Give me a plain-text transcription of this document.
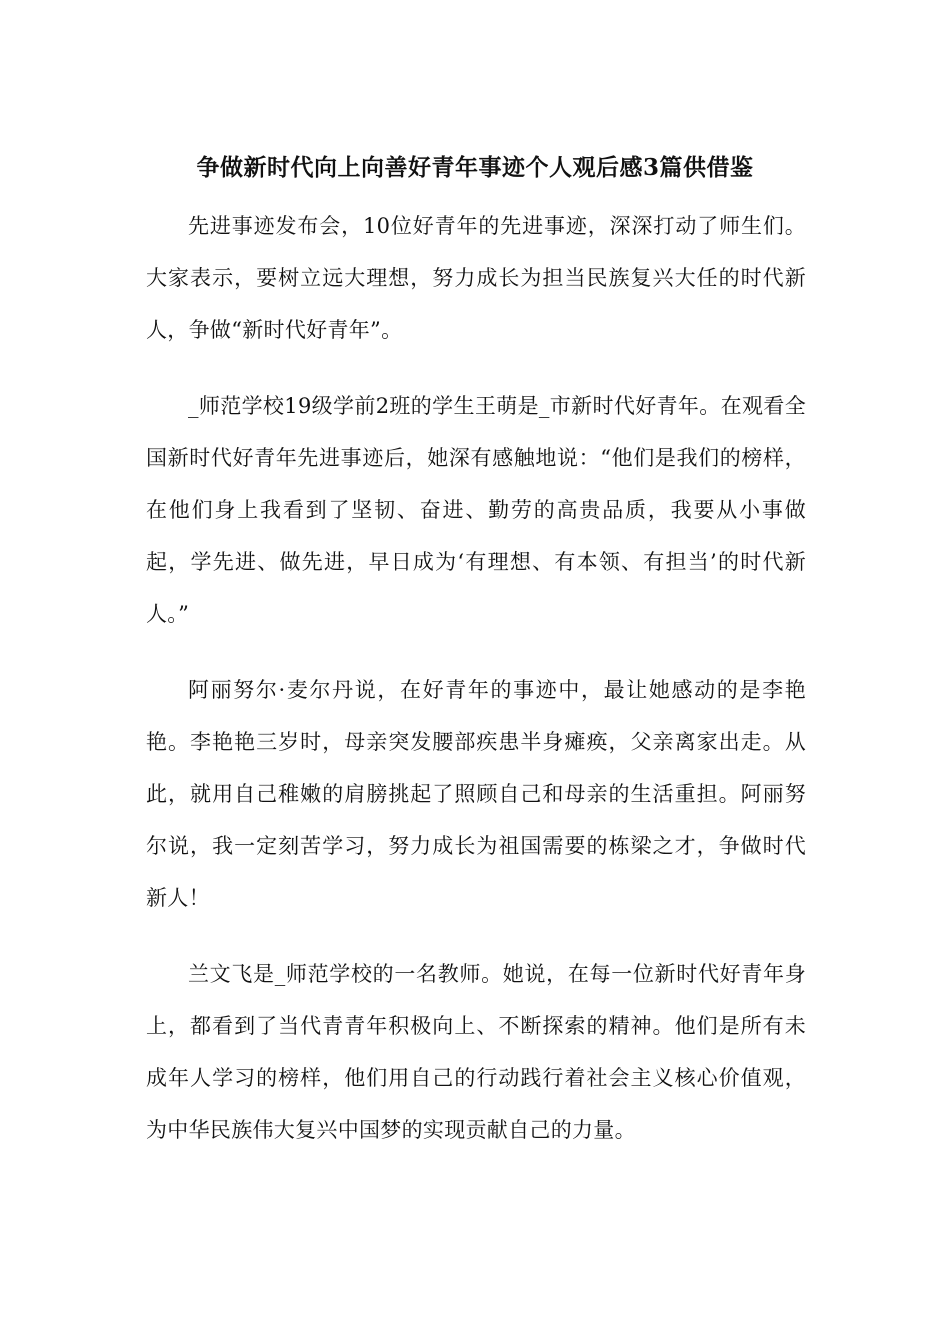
争做新时代向上向善好青年事迹个人观后感3篇供借鉴

先进事迹发布会，10位好青年的先进事迹，深深打动了师生们。大家表示，要树立远大理想，努力成长为担当民族复兴大任的时代新人，争做“新时代好青年”。

_师范学校19级学前2班的学生王萌是_市新时代好青年。在观看全国新时代好青年先进事迹后，她深有感触地说：“他们是我们的榜样，在他们身上我看到了坚韧、奋进、勤劳的高贵品质，我要从小事做起，学先进、做先进，早日成为‘有理想、有本领、有担当’的时代新人。”

阿丽努尔·麦尔丹说，在好青年的事迹中，最让她感动的是李艳艳。李艳艳三岁时，母亲突发腰部疾患半身瘫痪，父亲离家出走。从此，就用自己稚嫩的肩膀挑起了照顾自己和母亲的生活重担。阿丽努尔说，我一定刻苦学习，努力成长为祖国需要的栋梁之才，争做时代新人！

兰文飞是_师范学校的一名教师。她说，在每一位新时代好青年身上，都看到了当代青青年积极向上、不断探索的精神。他们是所有未成年人学习的榜样，他们用自己的行动践行着社会主义核心价值观，为中华民族伟大复兴中国梦的实现贡献自己的力量。
